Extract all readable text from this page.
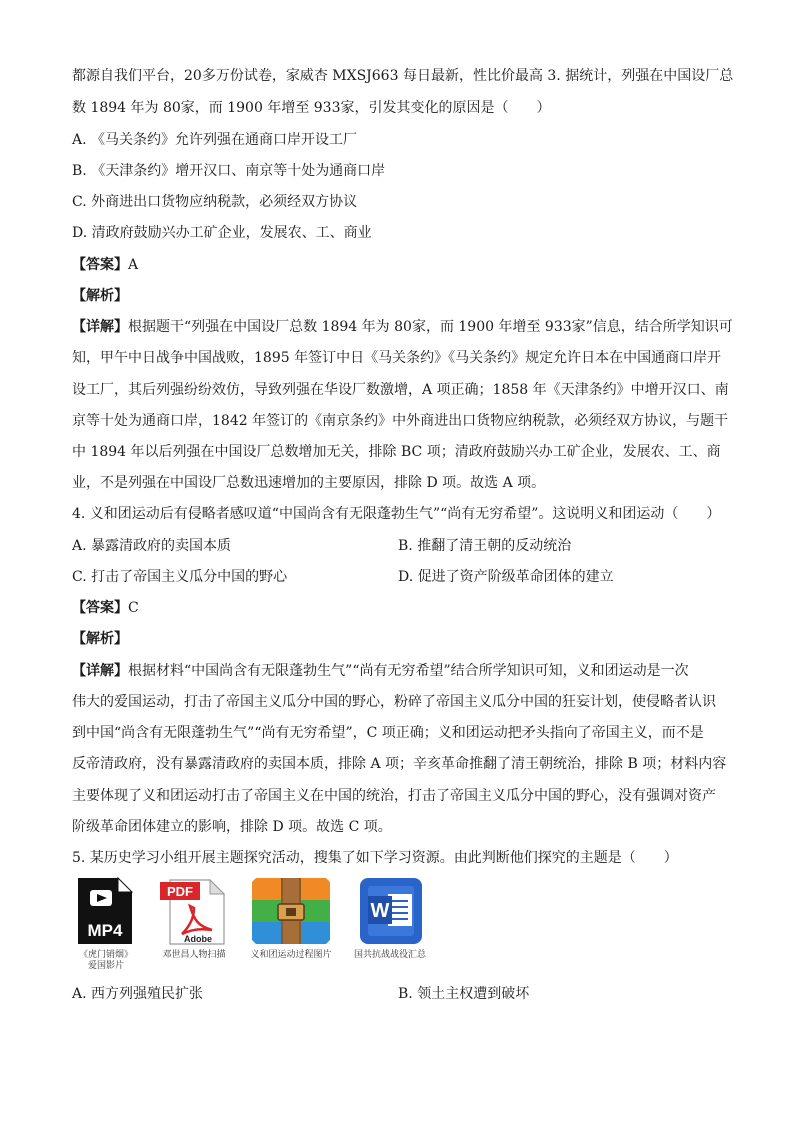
都源自我们平台，20多万份试卷，家威杏 MXSJ663 每日最新，性比价最高 3. 据统计，列强在中国设厂总
数 1894 年为 80家，而 1900 年增至 933家，引发其变化的原因是（　　）
A. 《马关条约》允许列强在通商口岸开设工厂
B. 《天津条约》增开汉口、南京等十处为通商口岸
C. 外商进出口货物应纳税款，必须经双方协议
D. 清政府鼓励兴办工矿企业，发展农、工、商业
【答案】A
【解析】
【详解】根据题干“列强在中国设厂总数 1894 年为 80家，而 1900 年增至 933家”信息，结合所学知识可
知，甲午中日战争中国战败，1895 年签订中日《马关条约》《马关条约》规定允许日本在中国通商口岸开
设工厂，其后列强纷纷效仿，导致列强在华设厂数激增，A 项正确；1858 年《天津条约》中增开汉口、南
京等十处为通商口岸，1842 年签订的《南京条约》中外商进出口货物应纳税款，必须经双方协议，与题干
中 1894 年以后列强在中国设厂总数增加无关，排除 BC 项；清政府鼓励兴办工矿企业，发展农、工、商
业，不是列强在中国设厂总数迅速增加的主要原因，排除 D 项。故选 A 项。
4. 义和团运动后有侵略者感叹道“中国尚含有无限蓬勃生气”“尚有无穷希望”。这说明义和团运动（　　）
A. 暴露清政府的卖国本质	B. 推翻了清王朝的反动统治
C. 打击了帝国主义瓜分中国的野心	D. 促进了资产阶级革命团体的建立
【答案】C
【解析】
【详解】根据材料“中国尚含有无限蓬勃生气”“尚有无穷希望”结合所学知识可知，义和团运动是一次
伟大的爱国运动，打击了帝国主义瓜分中国的野心，粉碎了帝国主义瓜分中国的狂妄计划，使侵略者认识
到中国“尚含有无限蓬勃生气”“尚有无穷希望”，C 项正确；义和团运动把矛头指向了帝国主义，而不是
反帝清政府，没有暴露清政府的卖国本质，排除 A 项；辛亥革命推翻了清王朝统治，排除 B 项；材料内容
主要体现了义和团运动打击了帝国主义在中国的统治，打击了帝国主义瓜分中国的野心，没有强调对资产
阶级革命团体建立的影响，排除 D 项。故选 C 项。
5. 某历史学习小组开展主题探究活动，搜集了如下学习资源。由此判断他们探究的主题是（　　）
MP4
《虎门销烟》
爱国影片
PDF
Adobe
邓世昌人物扫描	义和团运动过程图片
W
国共抗战战役汇总
A. 西方列强殖民扩张	B. 领土主权遭到破坏
